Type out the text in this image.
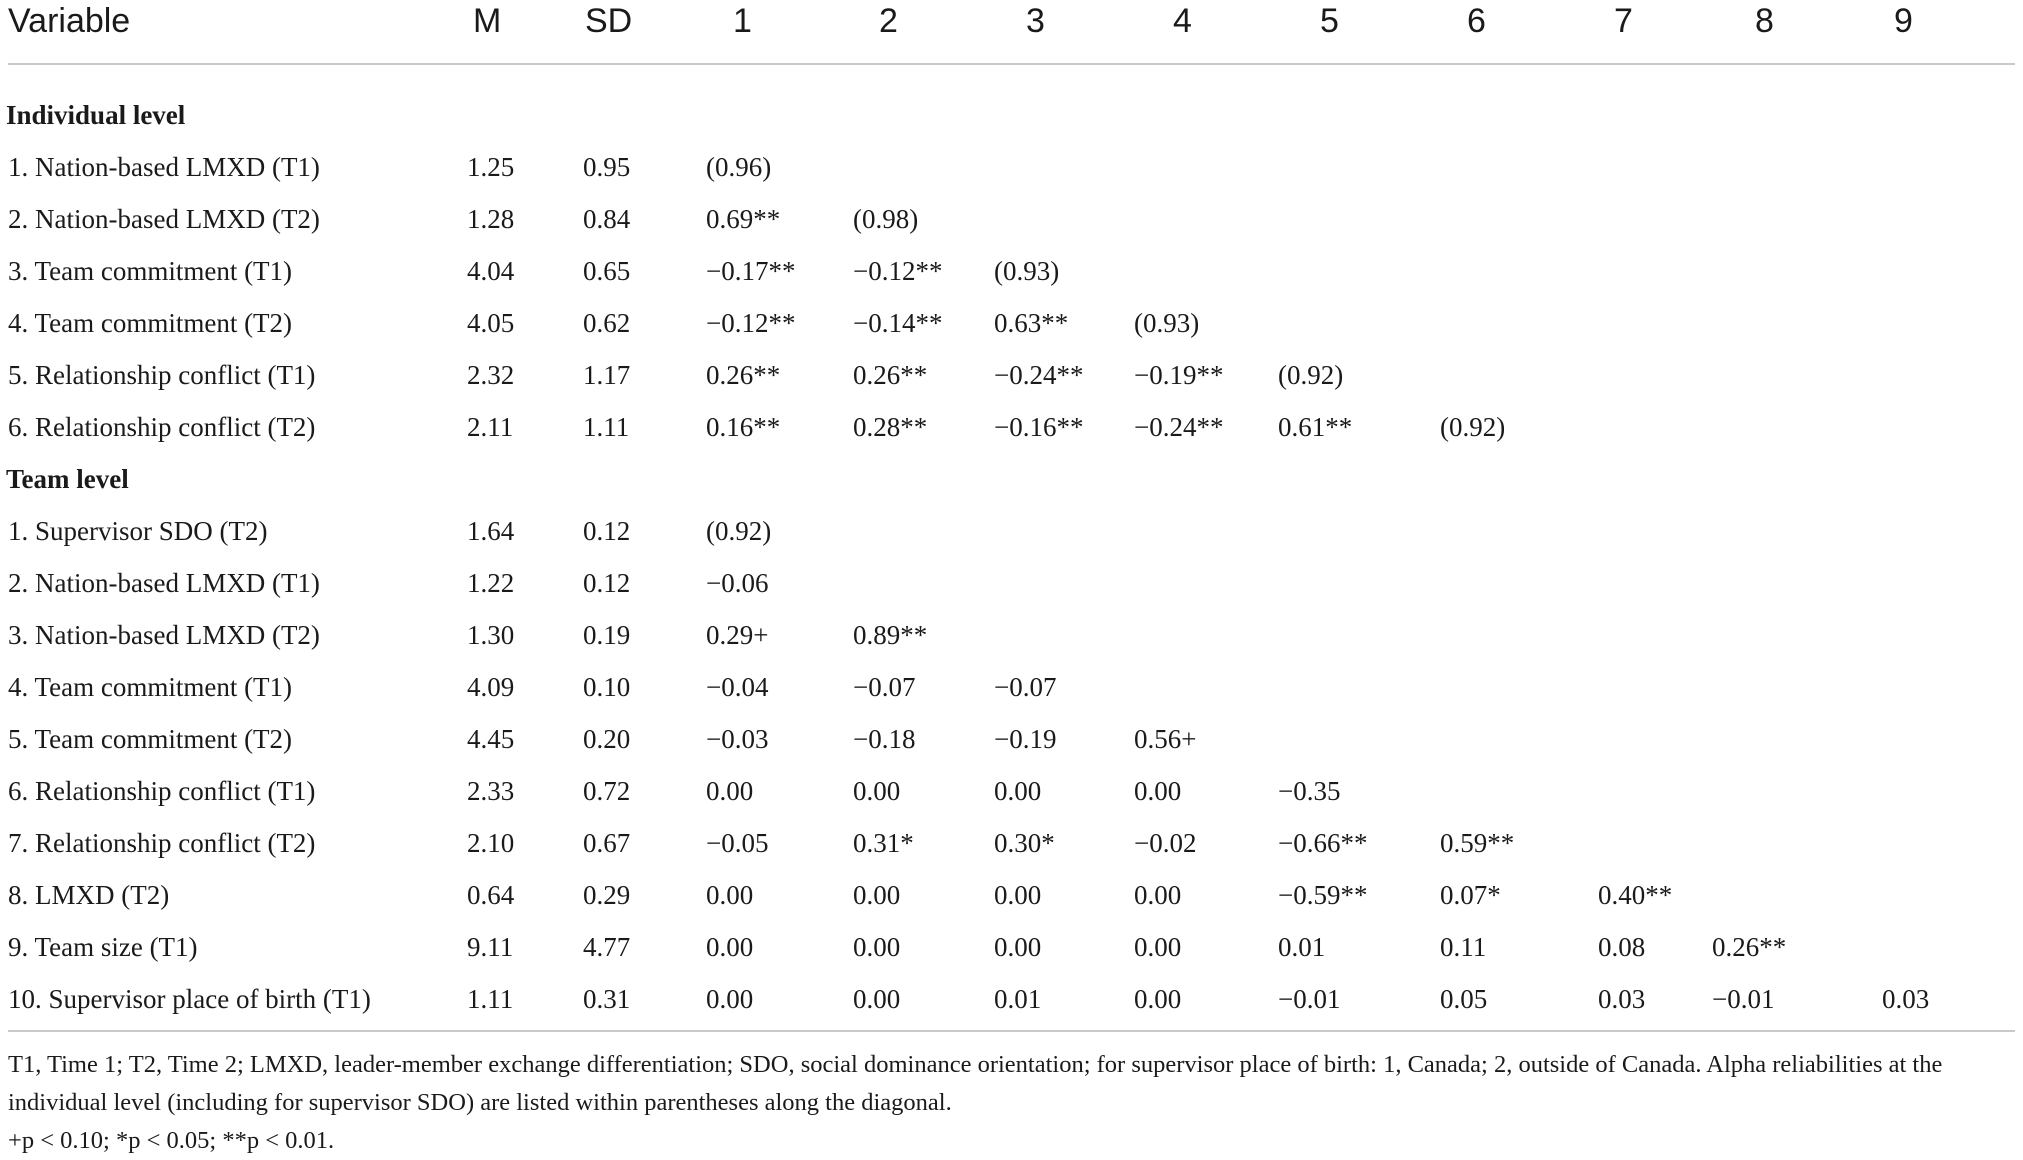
Variable	M SD	1	2	3	4	5	6	7	8	9
Individual level
1. Nation-based LMXD (T1)	1.25	0.95	(0.96)
2. Nation-based LMXD (T2)	1.28	0.84	0.69**	(0.98)
3. Team commitment (T1)	4.04	0.65	−0.17** −0.12** (0.93)
4. Team commitment (T2)	4.05	0.62	−0.12** −0.14** 0.63** (0.93)
5. Relationship conflict (T1)	2.32	1.17	0.26**	0.26** −0.24** −0.19** (0.92)
6. Relationship conflict (T2)	2.11	1.11	0.16**	0.28** −0.16** −0.24** 0.61**	(0.92)
Team level
1. Supervisor SDO (T2)	1.64	0.12	(0.92)
2. Nation-based LMXD (T1)	1.22	0.12	−0.06
3. Nation-based LMXD (T2)	1.30	0.19	0.29+	0.89**
4. Team commitment (T1)	4.09	0.10	−0.04	−0.07	−0.07
5. Team commitment (T2)	4.45	0.20	−0.03	−0.18	−0.19	0.56+
6. Relationship conflict (T1)	2.33	0.72	0.00	0.00	0.00	0.00	−0.35
7. Relationship conflict (T2)	2.10	0.67	−0.05	0.31*	0.30*	−0.02	−0.66**	0.59**
8. LMXD (T2)	0.64	0.29	0.00	0.00	0.00	0.00	−0.59**	0.07*	0.40**
9. Team size (T1)	9.11	4.77	0.00	0.00	0.00	0.00	0.01	0.11	0.08 0.26**
10. Supervisor place of birth (T1)	1.11	0.31	0.00	0.00	0.01	0.00	−0.01	0.05	0.03 −0.01	0.03

T1, Time 1; T2, Time 2; LMXD, leader-member exchange differentiation; SDO, social dominance orientation; for supervisor place of birth: 1, Canada; 2, outside of Canada. Alpha reliabilities at the individual level (including for supervisor SDO) are listed within parentheses along the diagonal.

+p < 0.10; *p < 0.05; **p < 0.01.
